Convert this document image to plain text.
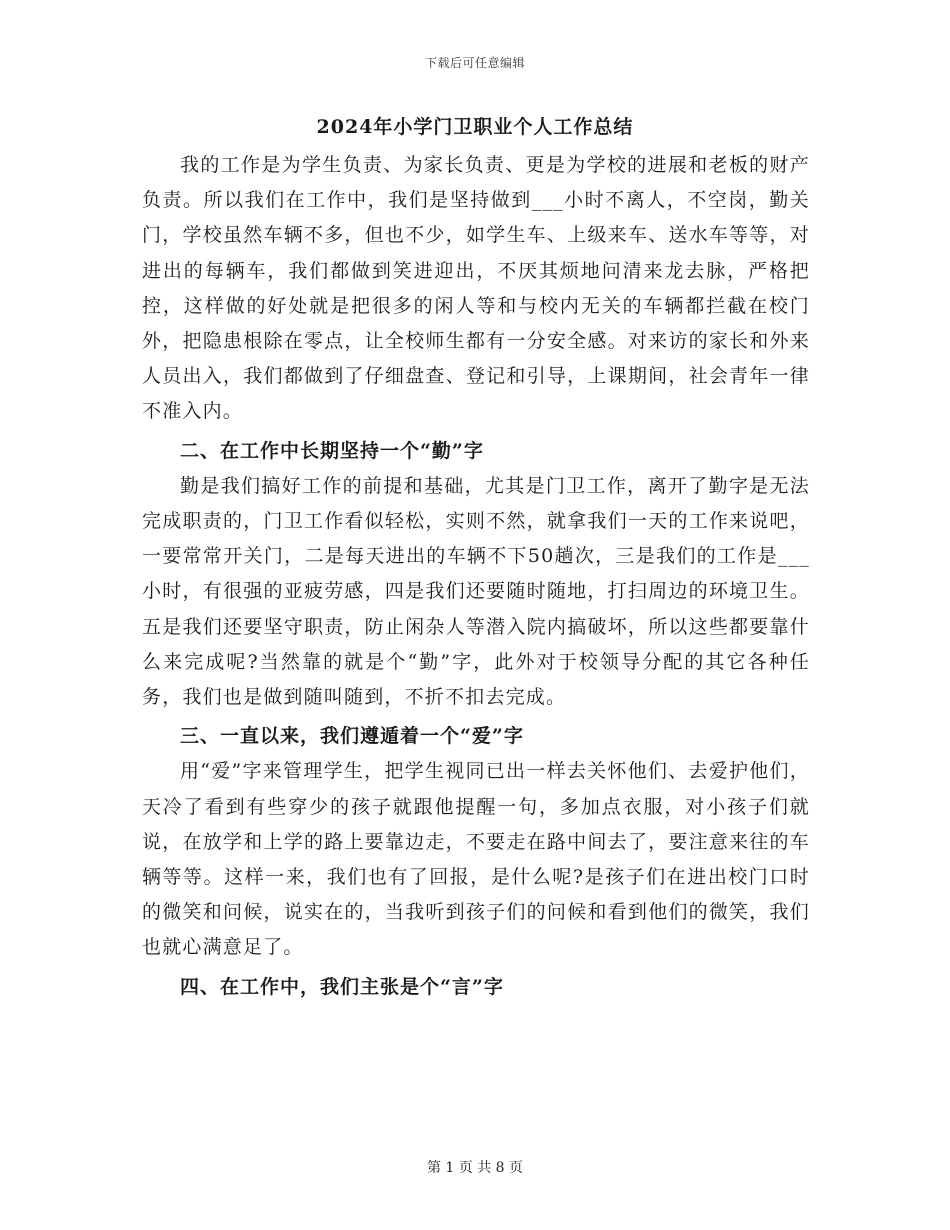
下载后可任意编辑
2024年小学门卫职业个人工作总结

我的工作是为学生负责、为家长负责、更是为学校的进展和老板的财产负责。所以我们在工作中，我们是坚持做到___小时不离人，不空岗，勤关门，学校虽然车辆不多，但也不少，如学生车、上级来车、送水车等等，对进出的每辆车，我们都做到笑进迎出，不厌其烦地问清来龙去脉，严格把控，这样做的好处就是把很多的闲人等和与校内无关的车辆都拦截在校门外，把隐患根除在零点，让全校师生都有一分安全感。对来访的家长和外来人员出入，我们都做到了仔细盘查、登记和引导，上课期间，社会青年一律不准入内。

二、在工作中长期坚持一个“勤”字

勤是我们搞好工作的前提和基础，尤其是门卫工作，离开了勤字是无法完成职责的，门卫工作看似轻松，实则不然，就拿我们一天的工作来说吧，一要常常开关门，二是每天进出的车辆不下50趟次，三是我们的工作是___小时，有很强的亚疲劳感，四是我们还要随时随地，打扫周边的环境卫生。五是我们还要坚守职责，防止闲杂人等潜入院内搞破坏，所以这些都要靠什么来完成呢?当然靠的就是个“勤”字，此外对于校领导分配的其它各种任务，我们也是做到随叫随到，不折不扣去完成。

三、一直以来，我们遵遁着一个“爱”字

用“爱”字来管理学生，把学生视同已出一样去关怀他们、去爱护他们，天冷了看到有些穿少的孩子就跟他提醒一句，多加点衣服，对小孩子们就说，在放学和上学的路上要靠边走，不要走在路中间去了，要注意来往的车辆等等。这样一来，我们也有了回报，是什么呢?是孩子们在进出校门口时的微笑和问候，说实在的，当我听到孩子们的问候和看到他们的微笑，我们也就心满意足了。

四、在工作中，我们主张是个“言”字

第 1 页 共 8 页
